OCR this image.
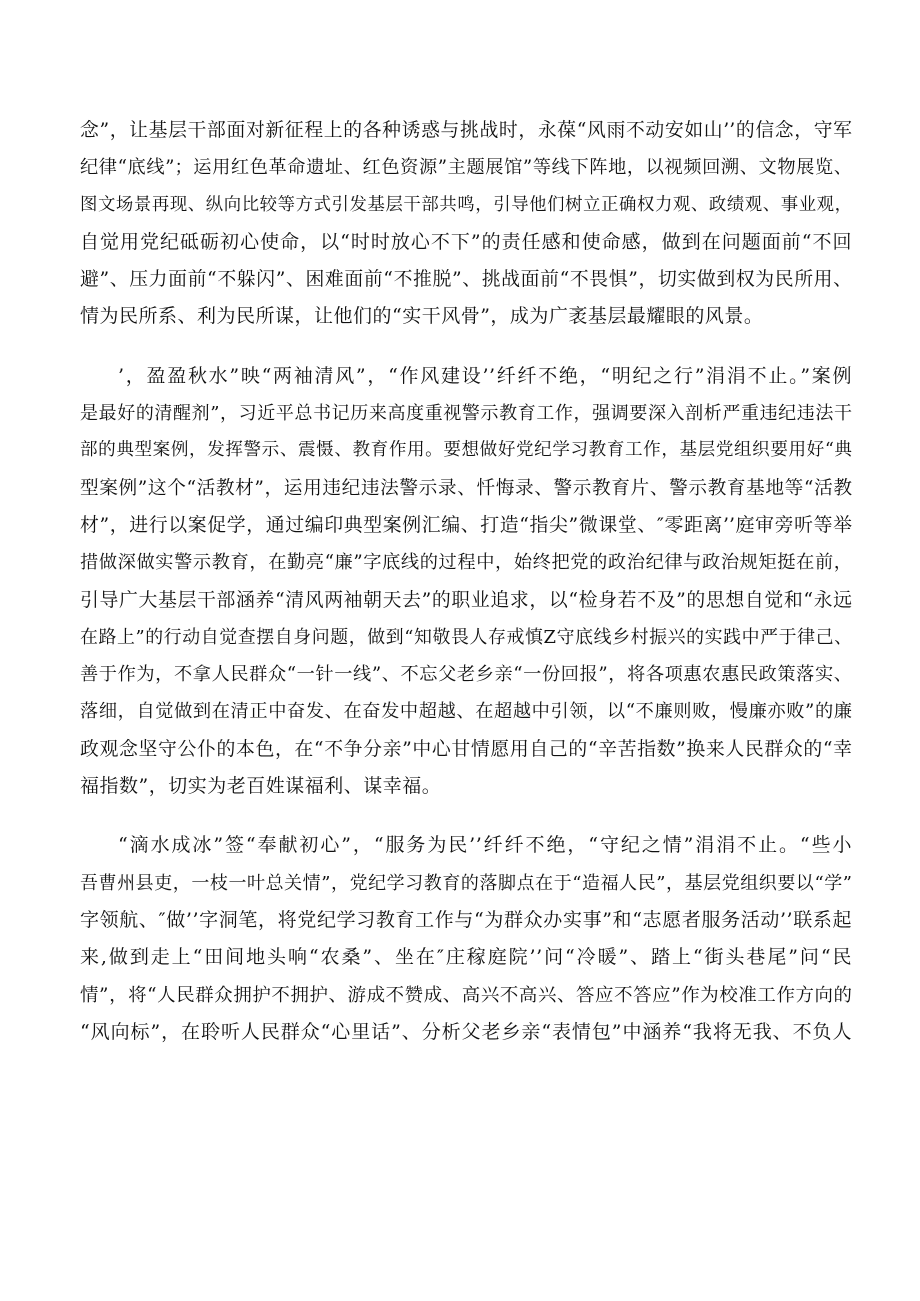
念”，让基层干部面对新征程上的各种诱惑与挑战时，永葆“风雨不动安如山’’的信念，守军
纪律“底线”；运用红色革命遗址、红色资源”主题展馆”等线下阵地，以视频回溯、文物展览、
图文场景再现、纵向比较等方式引发基层干部共鸣，引导他们树立正确权力观、政绩观、事业观，
自觉用党纪砥砺初心使命，以“时时放心不下”的责任感和使命感，做到在问题面前“不回
避”、压力面前“不躲闪”、困难面前“不推脱”、挑战面前“不畏惧”，切实做到权为民所用、
情为民所系、利为民所谋，让他们的“实干风骨”，成为广袤基层最耀眼的风景。
’，盈盈秋水”映“两袖清风”，“作风建设’’纤纤不绝，“明纪之行”涓涓不止。”案例
是最好的清醒剂”，习近平总书记历来高度重视警示教育工作，强调要深入剖析严重违纪违法干
部的典型案例，发挥警示、震慑、教育作用。要想做好党纪学习教育工作，基层党组织要用好“典
型案例”这个“活教材”，运用违纪违法警示录、忏悔录、警示教育片、警示教育基地等“活教
材”，进行以案促学，通过编印典型案例汇编、打造“指尖”微课堂、″零距离’’庭审旁听等举
措做深做实警示教育，在勤亮“廉”字底线的过程中，始终把党的政治纪律与政治规矩挺在前，
引导广大基层干部涵养“清风两袖朝天去”的职业追求，以“检身若不及”的思想自觉和“永远
在路上”的行动自觉查摆自身问题，做到“知敬畏人存戒慎Z守底线乡村振兴的实践中严于律己、
善于作为，不拿人民群众“一针一线”、不忘父老乡亲“一份回报”，将各项惠农惠民政策落实、
落细，自觉做到在清正中奋发、在奋发中超越、在超越中引领，以“不廉则败，慢廉亦败”的廉
政观念坚守公仆的本色，在“不争分亲”中心甘情愿用自己的“辛苦指数”换来人民群众的“幸
福指数”，切实为老百姓谋福利、谋幸福。
“滴水成冰”签“奉献初心”，“服务为民’’纤纤不绝，“守纪之情”涓涓不止。“些小
吾曹州县吏，一枝一叶总关情”，党纪学习教育的落脚点在于“造福人民”，基层党组织要以“学”
字领航、″做’’字洞笔，将党纪学习教育工作与“为群众办实事”和“志愿者服务活动’’联系起
来,做到走上“田间地头响“农桑”、坐在″庄稼庭院’’问“冷暖”、踏上“街头巷尾”问“民
情”，将“人民群众拥护不拥护、游成不赞成、高兴不高兴、答应不答应”作为校准工作方向的
“风向标”，在聆听人民群众“心里话”、分析父老乡亲“表情包”中涵养“我将无我、不负人
